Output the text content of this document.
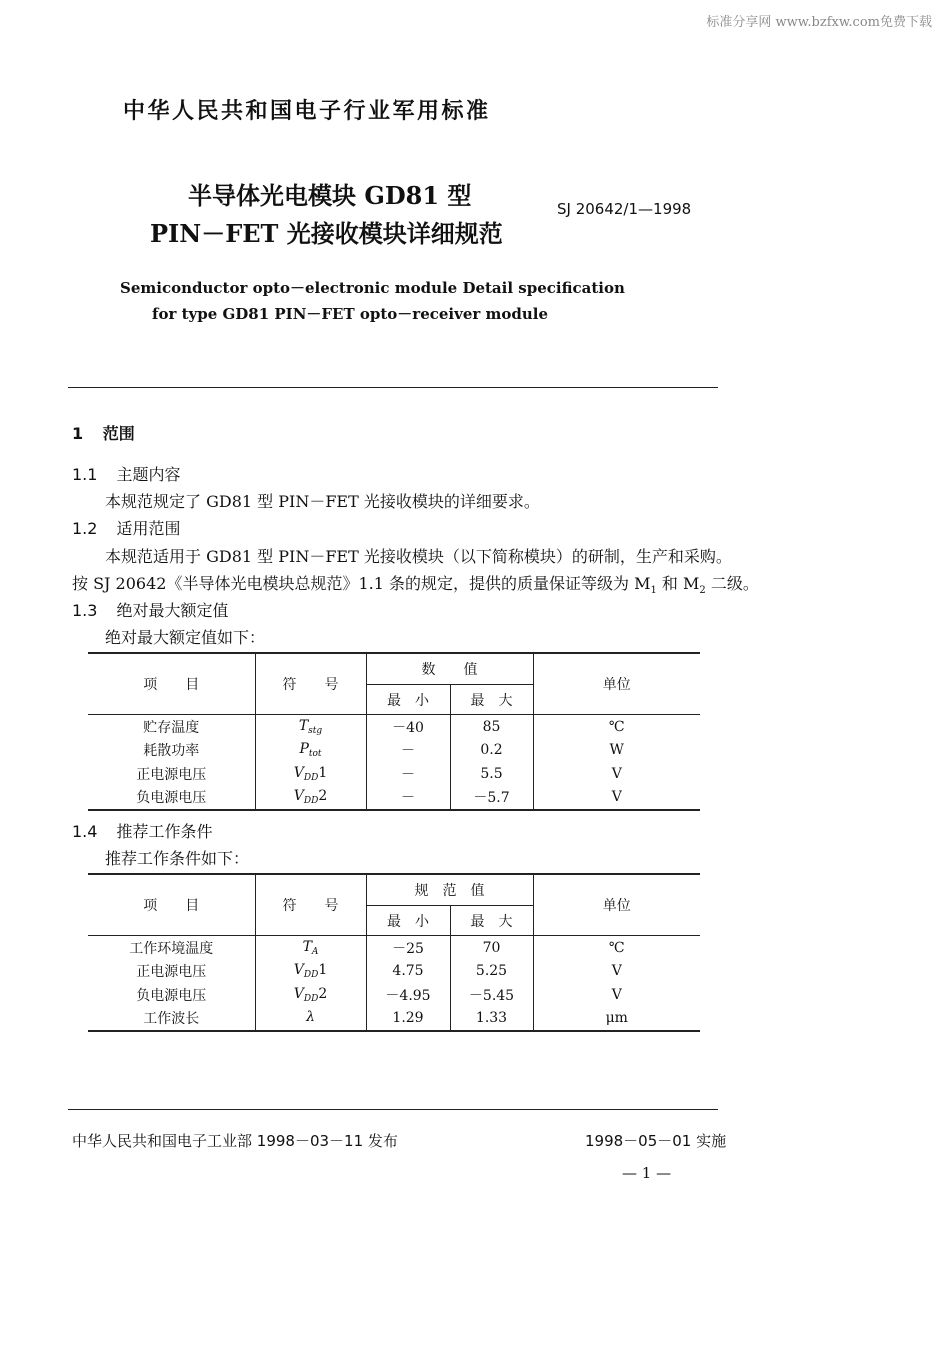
标准分享网 www.bzfxw.com免费下载
中华人民共和国电子行业军用标准
半导体光电模块 GD81 型
PIN－FET 光接收模块详细规范
SJ 20642/1—1998
Semiconductor opto－electronic module Detail specification
for type GD81 PIN－FET opto－receiver module
1 范围
1.1 主题内容
本规范规定了 GD81 型 PIN－FET 光接收模块的详细要求。
1.2 适用范围
本规范适用于 GD81 型 PIN－FET 光接收模块（以下简称模块）的研制，生产和采购。
按 SJ 20642《半导体光电模块总规范》1.1 条的规定，提供的质量保证等级为 $M_1$ 和 $M_2$ 二级。
1.3 绝对最大额定值
绝对最大额定值如下：
项　　目	符　　号	数　　值		单位
		最　小	最　大	
贮存温度	$T_{stg}$	－40	85	℃
耗散功率	$P_{tot}$	－	0.2	W
正电源电压	$V_{DD}1$	－	5.5	V
负电源电压	$V_{DD}2$	－	－5.7	V
1.4 推荐工作条件
推荐工作条件如下：
项　　目	符　　号	规　范　值		单位
		最　小	最　大	
工作环境温度	$T_A$	－25	70	℃
正电源电压	$V_{DD}1$	4.75	5.25	V
负电源电压	$V_{DD}2$	－4.95	－5.45	V
工作波长	λ	1.29	1.33	μm
中华人民共和国电子工业部 1998－03－11 发布	1998－05－01 实施
— 1 —
